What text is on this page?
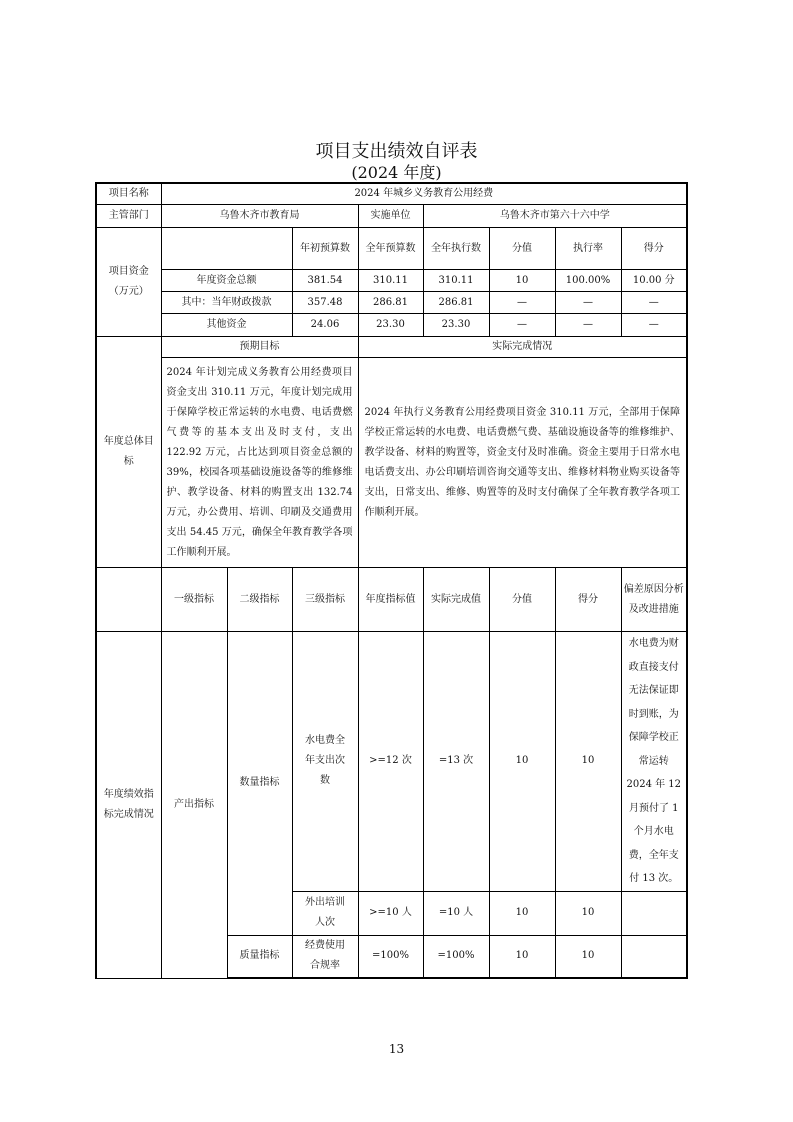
项目支出绩效自评表
(2024 年度)
项目名称	2024 年城乡义务教育公用经费							
主管部门	乌鲁木齐市教育局			实施单位	乌鲁木齐市第六十六中学			
项目资金（万元）			年初预算数	全年预算数	全年执行数	分值	执行率	得分
	年度资金总额		381.54	310.11	310.11	10	100.00%	10.00 分
	其中：当年财政拨款		357.48	286.81	286.81	—	—	—
	其他资金		24.06	23.30	23.30	—	—	—
年度总体目标	预期目标			实际完成情况				
	2024 年计划完成义务教育公用经费项目资金支出 310.11 万元，年度计划完成用于保障学校正常运转的水电费、电话费燃气费等的基本支出及时支付，支出 122.92 万元，占比达到项目资金总额的 39%，校园各项基础设施设备等的维修维护、教学设备、材料的购置支出 132.74 万元，办公费用、培训、印刷及交通费用支出 54.45 万元，确保全年教育教学各项工作顺利开展。			2024 年执行义务教育公用经费项目资金 310.11 万元，全部用于保障学校正常运转的水电费、电话费燃气费、基础设施设备等的维修维护、教学设备、材料的购置等，资金支付及时准确。资金主要用于日常水电电话费支出、办公印刷培训咨询交通等支出、维修材料物业购买设备等支出，日常支出、维修、购置等的及时支付确保了全年教育教学各项工作顺利开展。				
	一级指标	二级指标	三级指标	年度指标值	实际完成值	分值	得分	偏差原因分析及改进措施
年度绩效指标完成情况	产出指标	数量指标	水电费全年支出次数	>=12 次	=13 次	10	10	水电费为财政直接支付无法保证即时到账，为保障学校正常运转 2024 年 12 月预付了 1 个月水电费，全年支付 13 次。
			外出培训人次	>=10 人	=10 人	10	10	
		质量指标	经费使用合规率	=100%	=100%	10	10	
13
